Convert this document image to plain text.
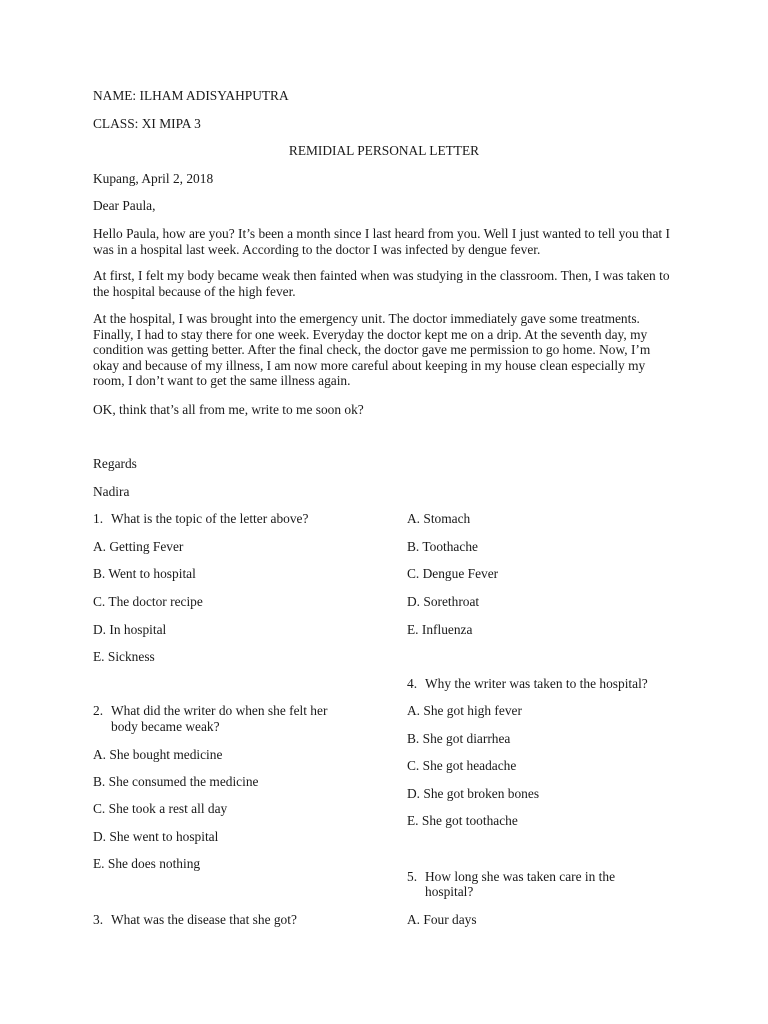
NAME: ILHAM ADISYAHPUTRA
CLASS: XI MIPA 3
REMIDIAL PERSONAL LETTER
Kupang, April 2, 2018
Dear Paula,
Hello Paula, how are you? It’s been a month since I last heard from you. Well I just wanted to tell you that I was in a hospital last week. According to the doctor I was infected by dengue fever.
At first, I felt my body became weak then fainted when was studying in the classroom. Then, I was taken to the hospital because of the high fever.
At the hospital, I was brought into the emergency unit. The doctor immediately gave some treatments. Finally, I had to stay there for one week. Everyday the doctor kept me on a drip. At the seventh day, my condition was getting better. After the final check, the doctor gave me permission to go home. Now, I’m okay and because of my illness, I am now more careful about keeping in my house clean especially my room, I don’t want to get the same illness again.
OK, think that’s all from me, write to me soon ok?
Regards
Nadira
1. What is the topic of the letter above?
A. Getting Fever
B. Went to hospital
C. The doctor recipe
D. In hospital
E. Sickness
2. What did the writer do when she felt her
body became weak?
A. She bought medicine
B. She consumed the medicine
C. She took a rest all day
D. She went to hospital
E. She does nothing
3. What was the disease that she got?
A. Stomach
B. Toothache
C. Dengue Fever
D. Sorethroat
E. Influenza
4. Why the writer was taken to the hospital?
A. She got high fever
B. She got diarrhea
C. She got headache
D. She got broken bones
E. She got toothache
5. How long she was taken care in the
hospital?
A. Four days
